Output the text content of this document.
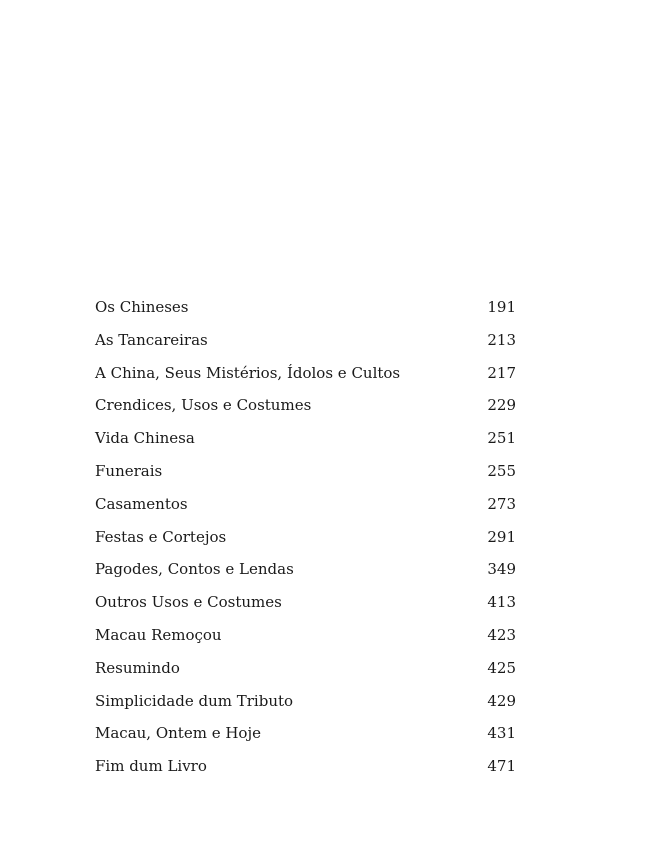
Os Chineses	191
As Tancareiras	213
A China, Seus Mistérios, Ídolos e Cultos	217
Crendices, Usos e Costumes	229
Vida Chinesa	251
Funerais	255
Casamentos	273
Festas e Cortejos	291
Pagodes, Contos e Lendas	349
Outros Usos e Costumes	413
Macau Remoçou	423
Resumindo	425
Simplicidade dum Tributo	429
Macau, Ontem e Hoje	431
Fim dum Livro	471
